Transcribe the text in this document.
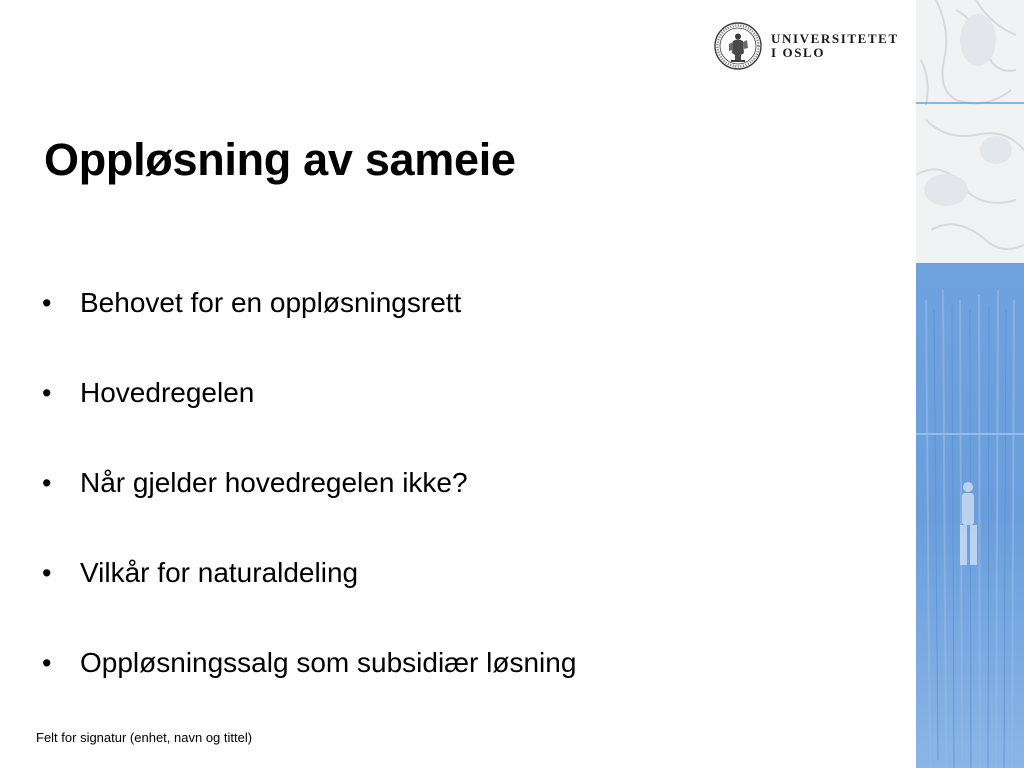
UNIVERSITETET
I OSLO
Oppløsning av sameie
•	Behovet for en oppløsningsrett
•	Hovedregelen
•	Når gjelder hovedregelen ikke?
•	Vilkår for naturaldeling
•	Oppløsningssalg som subsidiær løsning
Felt for signatur (enhet, navn og tittel)
